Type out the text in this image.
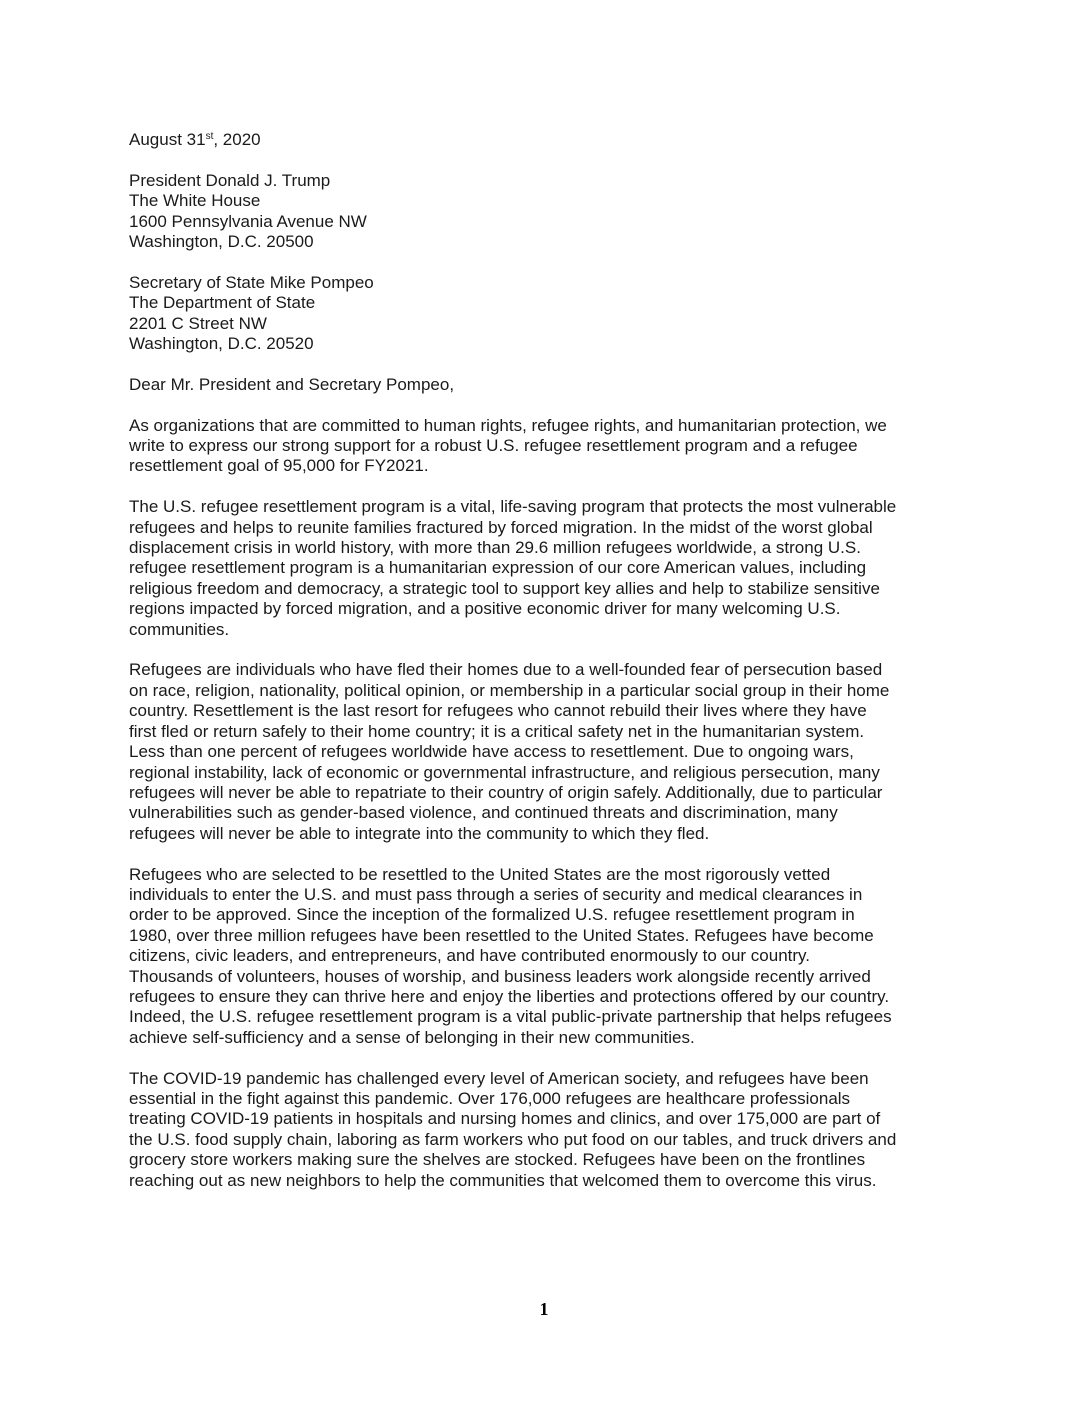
August 31st, 2020
President Donald J. Trump
The White House
1600 Pennsylvania Avenue NW
Washington, D.C. 20500
Secretary of State Mike Pompeo
The Department of State
2201 C Street NW
Washington, D.C. 20520
Dear Mr. President and Secretary Pompeo,
As organizations that are committed to human rights, refugee rights, and humanitarian protection, we
write to express our strong support for a robust U.S. refugee resettlement program and a refugee
resettlement goal of 95,000 for FY2021.
The U.S. refugee resettlement program is a vital, life-saving program that protects the most vulnerable
refugees and helps to reunite families fractured by forced migration. In the midst of the worst global
displacement crisis in world history, with more than 29.6 million refugees worldwide, a strong U.S.
refugee resettlement program is a humanitarian expression of our core American values, including
religious freedom and democracy, a strategic tool to support key allies and help to stabilize sensitive
regions impacted by forced migration, and a positive economic driver for many welcoming U.S.
communities.
Refugees are individuals who have fled their homes due to a well-founded fear of persecution based
on race, religion, nationality, political opinion, or membership in a particular social group in their home
country. Resettlement is the last resort for refugees who cannot rebuild their lives where they have
first fled or return safely to their home country; it is a critical safety net in the humanitarian system.
Less than one percent of refugees worldwide have access to resettlement. Due to ongoing wars,
regional instability, lack of economic or governmental infrastructure, and religious persecution, many
refugees will never be able to repatriate to their country of origin safely. Additionally, due to particular
vulnerabilities such as gender-based violence, and continued threats and discrimination, many
refugees will never be able to integrate into the community to which they fled.
Refugees who are selected to be resettled to the United States are the most rigorously vetted
individuals to enter the U.S. and must pass through a series of security and medical clearances in
order to be approved. Since the inception of the formalized U.S. refugee resettlement program in
1980, over three million refugees have been resettled to the United States. Refugees have become
citizens, civic leaders, and entrepreneurs, and have contributed enormously to our country.
Thousands of volunteers, houses of worship, and business leaders work alongside recently arrived
refugees to ensure they can thrive here and enjoy the liberties and protections offered by our country.
Indeed, the U.S. refugee resettlement program is a vital public-private partnership that helps refugees
achieve self-sufficiency and a sense of belonging in their new communities.
The COVID-19 pandemic has challenged every level of American society, and refugees have been
essential in the fight against this pandemic. Over 176,000 refugees are healthcare professionals
treating COVID-19 patients in hospitals and nursing homes and clinics, and over 175,000 are part of
the U.S. food supply chain, laboring as farm workers who put food on our tables, and truck drivers and
grocery store workers making sure the shelves are stocked. Refugees have been on the frontlines
reaching out as new neighbors to help the communities that welcomed them to overcome this virus.
1
